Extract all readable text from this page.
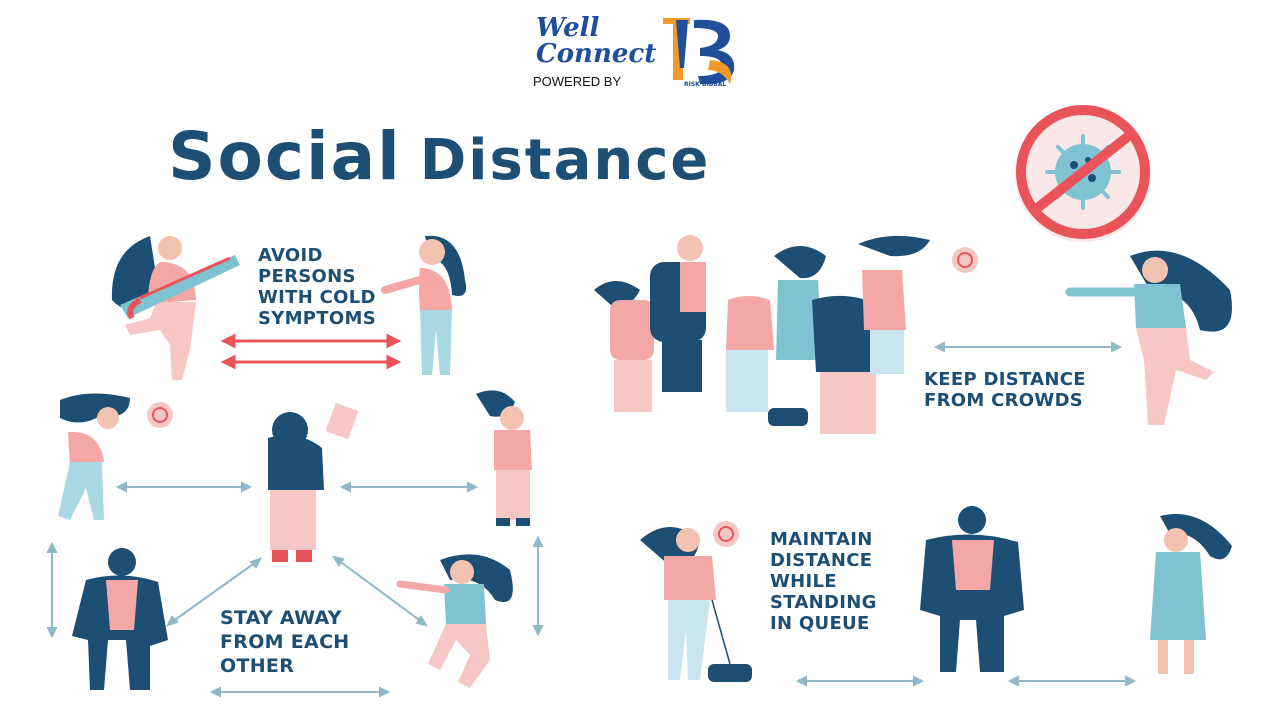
Well
Connect
POWERED BY	RISK BIBBAL
Social Distance
AVOID
PERSONS
WITH COLD
SYMPTOMS
KEEP DISTANCE
FROM CROWDS
MAINTAIN
DISTANCE
WHILE
STANDING
IN QUEUE
STAY AWAY
FROM EACH
OTHER
